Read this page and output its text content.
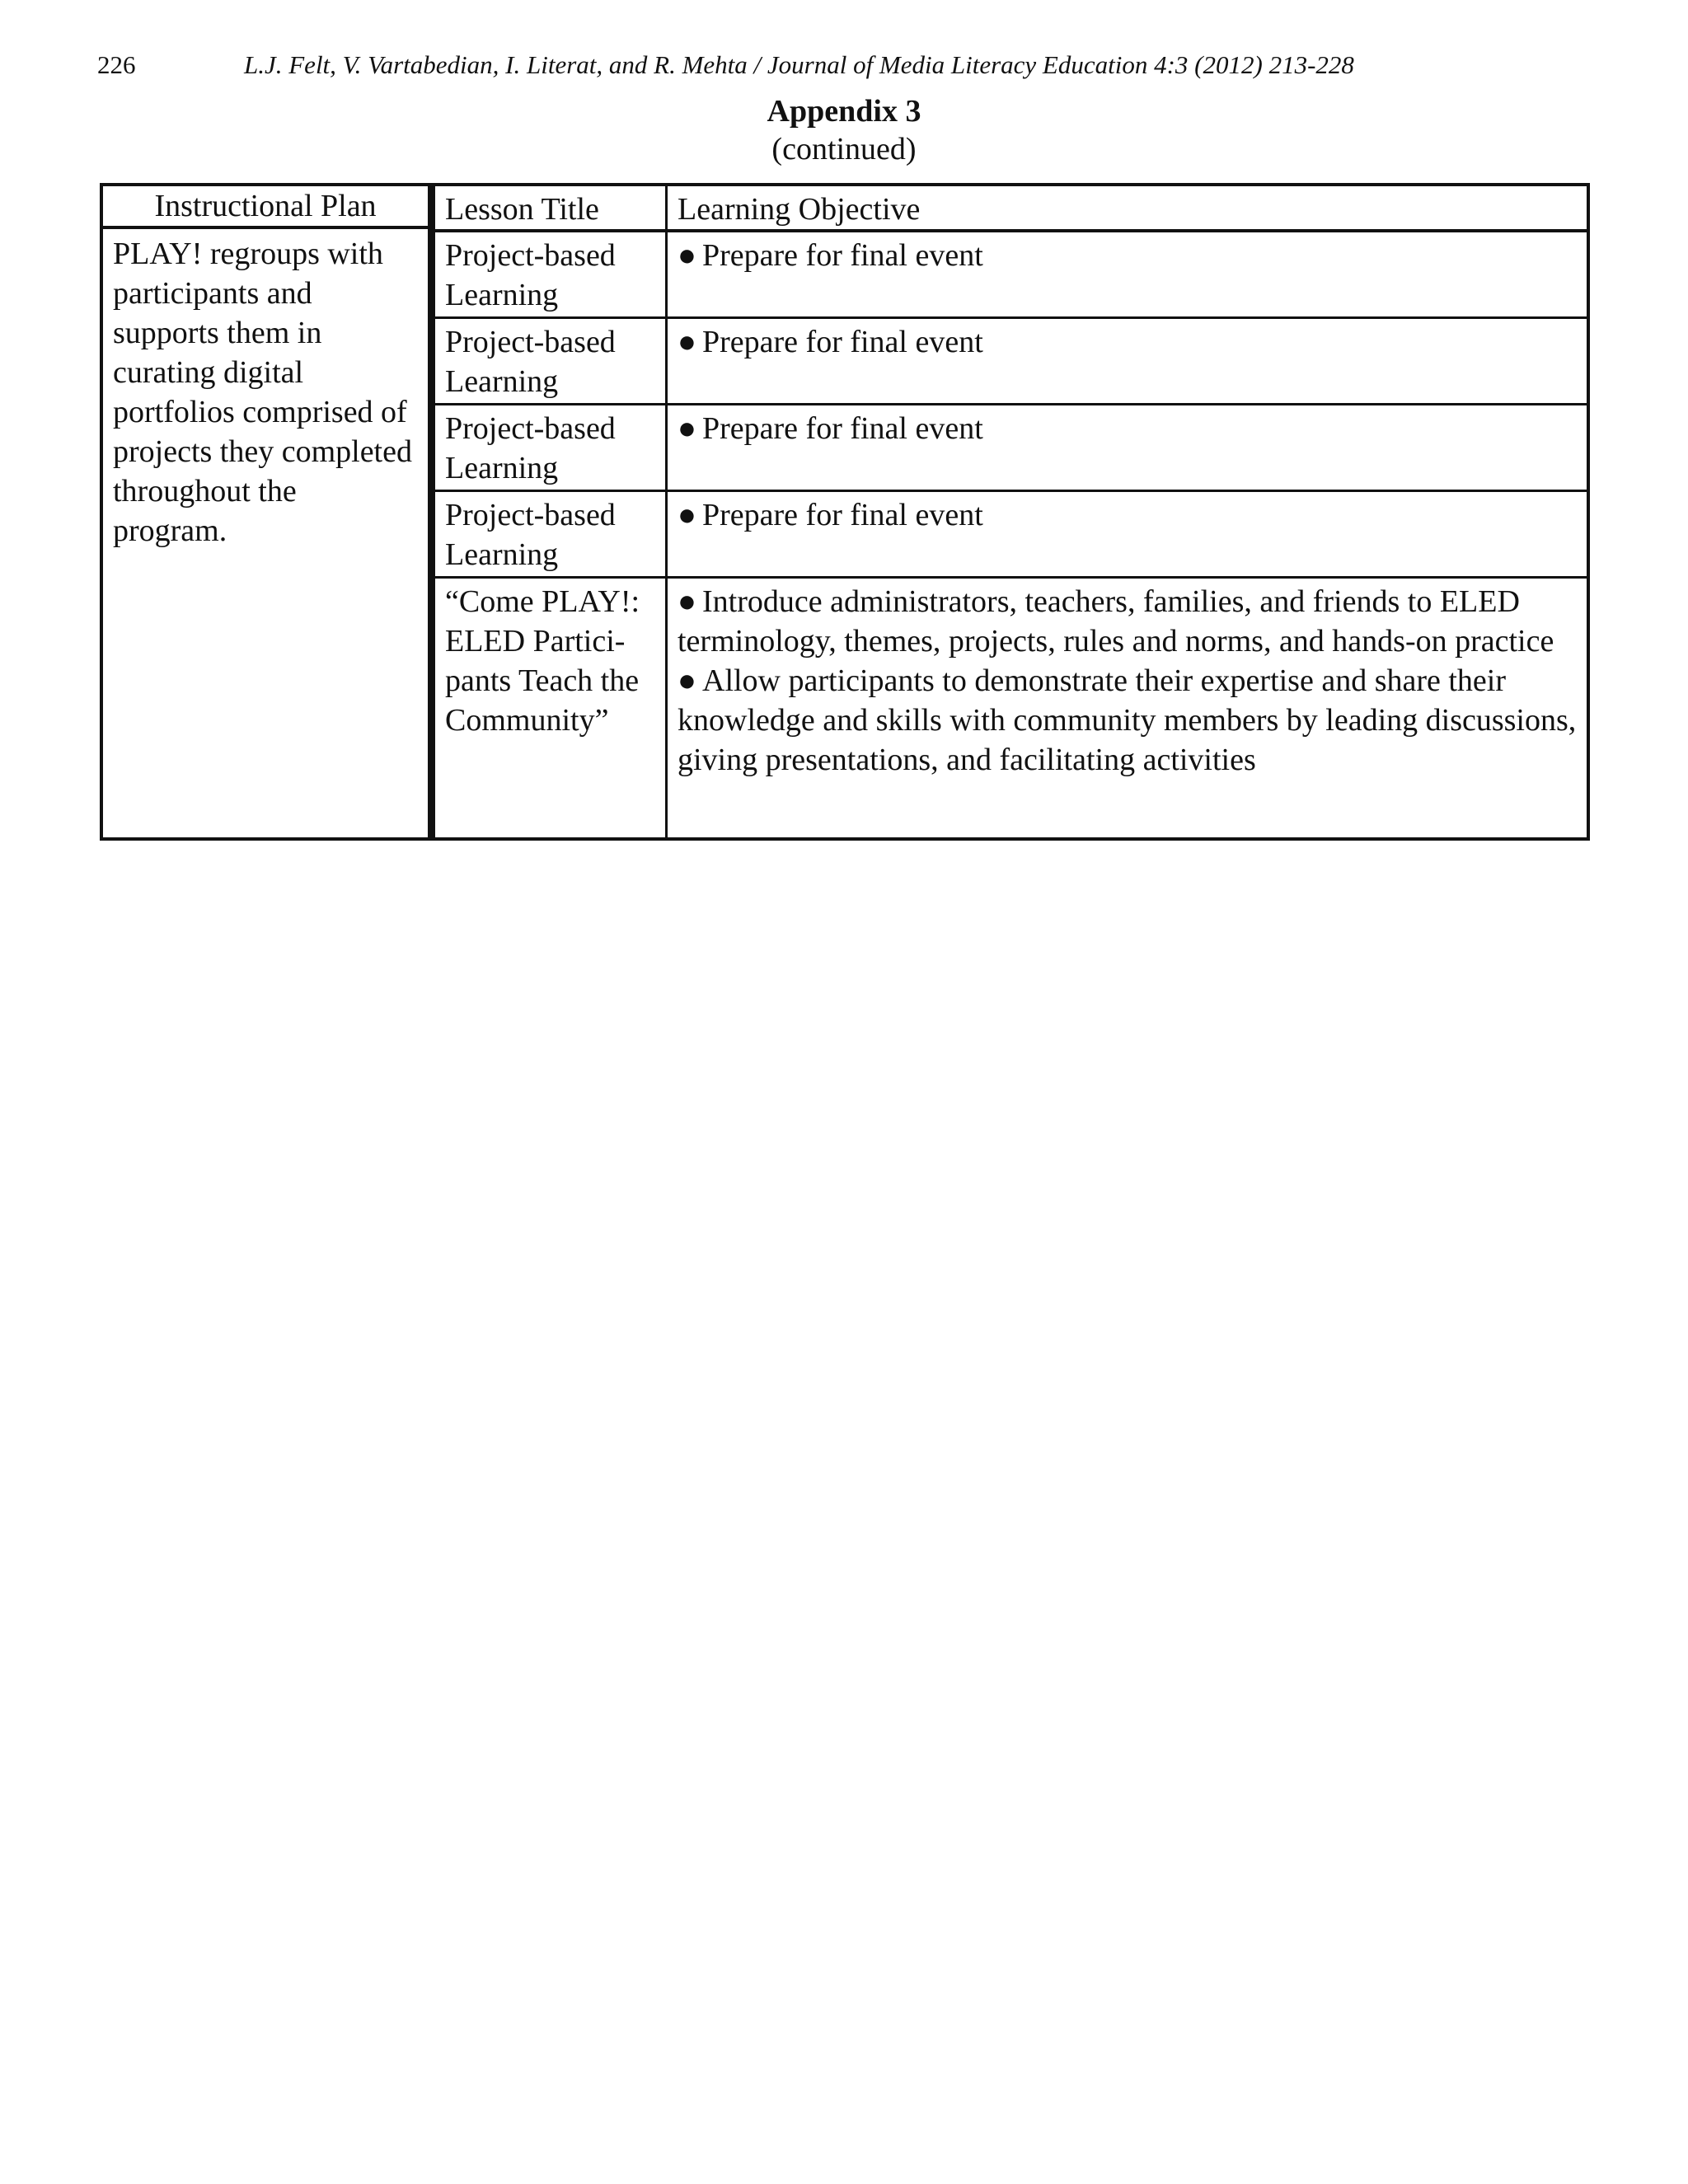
226	L.J. Felt, V. Vartabedian, I. Literat, and R. Mehta / Journal of Media Literacy Education 4:3 (2012) 213-228
Appendix 3
(continued)
Instructional Plan
PLAY! regroups with participants and supports them in curating digital portfolios comprised of projects they completed throughout the program.
Lesson Title	Learning Objective
Project-based Learning

● Prepare for final event

Project-based Learning

● Prepare for final event

Project-based Learning

● Prepare for final event

Project-based Learning

● Prepare for final event

“Come PLAY!: ELED Partici-pants Teach the Community”

● Introduce administrators, teachers, families, and friends to ELED terminology, themes, projects, rules and norms, and hands-on practice

● Allow participants to demonstrate their expertise and share their knowledge and skills with community members by leading discussions, giving presentations, and facilitating activities
